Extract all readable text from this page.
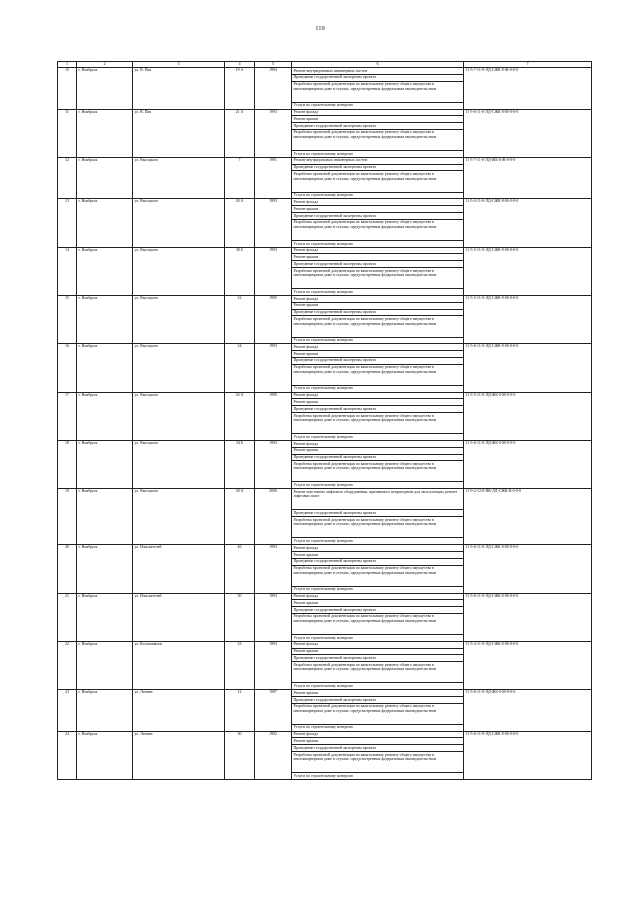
119
1	2	3	4	5	6	7
10	г. Ноябрьск	ул. В. Пая	19 А	1993	Ремонт внутридомовых инженерных систем
Проведение государственной экспертизы проекта
Разработка проектной документации по капитальному ремонту общего имущества в многоквартирном доме в случаях, предусмотренных федеральным законодательством
Услуги по строительному контролю	11-5-7-11-0-ЛД-СЖК-0-Ж-0-0-0
11	г. Ноябрьск	ул. В. Пая	21 А	1993	Ремонт фасада
Ремонт крыши
Проведение государственной экспертизы проекта
Разработка проектной документации по капитальному ремонту общего имущества в многоквартирном доме в случаях, предусмотренных федеральным законодательством
Услуги по строительному контролю	11-5-6-11-0-ЛД-СЖК-0-М-0-0-0
12	г. Ноябрьск	ул. Высоцкого	7	1991	Ремонт внутридомовых инженерных систем
Проведение государственной экспертизы проекта
Разработка проектной документации по капитальному ремонту общего имущества в многоквартирном доме в случаях, предусмотренных федеральным законодательством
Услуги по строительному контролю	11-5-7-11-0-ЛД-ЖБ-0-Ж-0-0-0
13	г. Ноябрьск	ул. Высоцкого	30 А	1993	Ремонт фасада
Ремонт крыши
Проведение государственной экспертизы проекта
Разработка проектной документации по капитальному ремонту общего имущества в многоквартирном доме в случаях, предусмотренных федеральным законодательством
Услуги по строительному контролю	11-5-4-11-0-ЛД-СЖК-0-М-0-0-0
14	г. Ноябрьск	ул. Высоцкого	30 Б	1993	Ремонт фасада
Ремонт крыши
Проведение государственной экспертизы проекта
Разработка проектной документации по капитальному ремонту общего имущества в многоквартирном доме в случаях, предусмотренных федеральным законодательством
Услуги по строительному контролю	11-5-5-11-0-ЛД-СЖК-0-М-0-0-0
15	г. Ноябрьск	ул. Высоцкого	32	1995	Ремонт фасада
Ремонт крыши
Проведение государственной экспертизы проекта
Разработка проектной документации по капитальному ремонту общего имущества в многоквартирном доме в случаях, предусмотренных федеральным законодательством
Услуги по строительному контролю	11-5-5-11-0-ЛД-СЖК-0-М-0-0-0
16	г. Ноябрьск	ул. Высоцкого	34	1993	Ремонт фасада
Ремонт крыши
Проведение государственной экспертизы проекта
Разработка проектной документации по капитальному ремонту общего имущества в многоквартирном доме в случаях, предусмотренных федеральным законодательством
Услуги по строительному контролю	11-5-6-11-0-ЛД-СЖК-0-М-0-0-0
17	г. Ноябрьск	ул. Высоцкого	34 А	1990	Ремонт фасада
Ремонт крыши
Проведение государственной экспертизы проекта
Разработка проектной документации по капитальному ремонту общего имущества в многоквартирном доме в случаях, предусмотренных федеральным законодательством
Услуги по строительному контролю	11-5-5-11-0-ЛД-ЖБ-0-М-0-0-0
18	г. Ноябрьск	ул. Высоцкого	34 Б	1992	Ремонт фасада
Ремонт крыши
Проведение государственной экспертизы проекта
Разработка проектной документации по капитальному ремонту общего имущества в многоквартирном доме в случаях, предусмотренных федеральным законодательством
Услуги по строительному контролю	11-5-6-11-0-ЛД-ЖБ-0-М-0-0-0
19	г. Ноябрьск	ул. Высоцкого	38 А	2006	Ремонт или замена лифтового оборудования, признанного непригодным для эксплуатации, ремонт лифтовых шахт
Проведение государственной экспертизы проекта
Разработка проектной документации по капитальному ремонту общего имущества в многоквартирном доме в случаях, предусмотренных федеральным законодательством
Услуги по строительному контролю	11-9-2-12-0-ПК-ЛД-СЖК-К-0-0-0
20	г. Ноябрьск	ул. Изыскателей	46	1993	Ремонт фасада
Ремонт крыши
Проведение государственной экспертизы проекта
Разработка проектной документации по капитальному ремонту общего имущества в многоквартирном доме в случаях, предусмотренных федеральным законодательством
Услуги по строительному контролю	11-5-6-11-0-ЛД-СЖК-0-М-0-0-0
21	г. Ноябрьск	ул. Изыскателей	50	1993	Ремонт фасада
Ремонт крыши
Проведение государственной экспертизы проекта
Разработка проектной документации по капитальному ремонту общего имущества в многоквартирном доме в случаях, предусмотренных федеральным законодательством
Услуги по строительному контролю	11-5-6-11-0-ЛД-СЖК-0-М-0-0-0
22	г. Ноябрьск	ул. Космонавтов	33	1993	Ремонт фасада
Ремонт крыши
Проведение государственной экспертизы проекта
Разработка проектной документации по капитальному ремонту общего имущества в многоквартирном доме в случаях, предусмотренных федеральным законодательством
Услуги по строительному контролю	11-5-4-11-0-ЛД-СЖК-0-М-0-0-0
23	г. Ноябрьск	ул. Ленина	12	1987	Ремонт крыши
Проведение государственной экспертизы проекта
Разработка проектной документации по капитальному ремонту общего имущества в многоквартирном доме в случаях, предусмотренных федеральным законодательством
Услуги по строительному контролю	11-5-6-11-0-ЛД-ЖБ-0-М-0-0-0
24	г. Ноябрьск	ул. Ленина	30	1982	Ремонт фасада
Ремонт крыши
Проведение государственной экспертизы проекта
Разработка проектной документации по капитальному ремонту общего имущества в многоквартирном доме в случаях, предусмотренных федеральным законодательством
Услуги по строительному контролю	11-5-6-11-0-ЛД-СЖК-0-М-0-0-0
